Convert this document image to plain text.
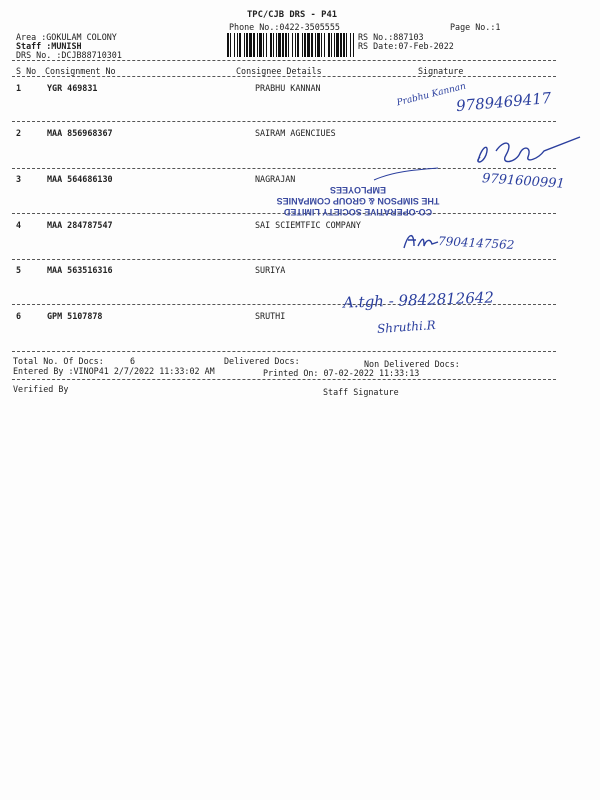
TPC/CJB DRS - P41
Phone No.:0422-3505555	Page No.:1
Area :GOKULAM COLONY
Staff :MUNISH
DRS No. :DCJB88710301
RS No.:887103
RS Date:07-Feb-2022
S No Consignment No	Consignee Details	Signature
1	YGR 469831	PRABHU KANNAN
2	MAA 856968367	SAIRAM AGENCIUES
3	MAA 564686130	NAGRAJAN
4	MAA 284787547	SAI SCIEMTFIC COMPANY
5	MAA 563516316	SURIYA
6	GPM 5107878	SRUTHI
Prabhu Kannan
9789469417
9791600991
CO-OPERATIVE SOCIETY LIMITED
THE SIMPSON & GROUP COMPANIES EMPLOYEES
7904147562
A.tgh - 9842812642
Shruthi.R
Total No. Of Docs:	6	Delivered Docs:	Non Delivered Docs:
Entered By :VINOP41 2/7/2022 11:33:02 AM	Printed On: 07-02-2022 11:33:13
Verified By	Staff Signature
